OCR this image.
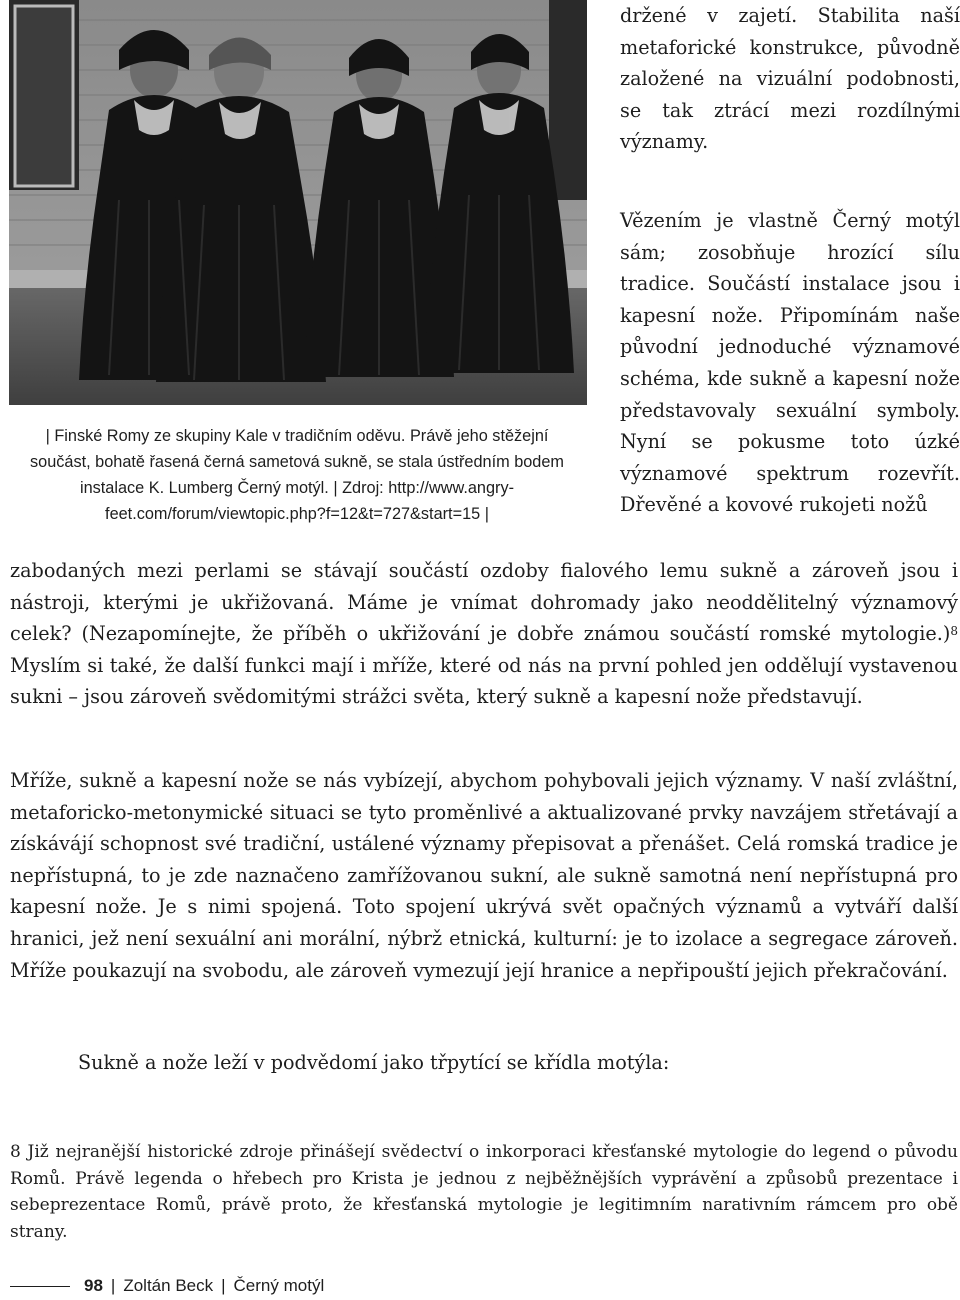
| Finské Romy ze skupiny Kale v tradičním oděvu. Právě jeho stěžejní součást, bohatě řasená černá sametová sukně, se stala ústředním bodem instalace K. Lumberg Černý motýl. | Zdroj: http://www.angry-feet.com/forum/viewtopic.php?f=12&t=727&start=15 |
držené v zajetí. Stabilita naší metaforické konstrukce, původně založené na vizuální podobnosti, se tak ztrácí mezi rozdílnými významy.
Vězením je vlastně Černý motýl sám; zosobňuje hrozící sílu tradice. Součástí instalace jsou i kapesní nože. Připomínám naše původní jednoduché významové schéma, kde sukně a kapesní nože představovaly sexuální symboly. Nyní se pokusme toto úzké významové spektrum rozevřít. Dřevěné a kovové rukojeti nožů
zabodaných mezi perlami se stávají součástí ozdoby fialového lemu sukně a zároveň jsou i nástroji, kterými je ukřižovaná. Máme je vnímat dohromady jako neoddělitelný významový celek? (Nezapomínejte, že příběh o ukřižování je dobře známou součástí romské mytologie.)$^8$ Myslím si také, že další funkci mají i mříže, které od nás na první pohled jen oddělují vystavenou sukni – jsou zároveň svědomitými strážci světa, který sukně a kapesní nože představují.
Mříže, sukně a kapesní nože se nás vybízejí, abychom pohybovali jejich významy. V naší zvláštní, metaforicko-metonymické situaci se tyto proměnlivé a aktualizované prvky navzájem střetávají a získávájí schopnost své tradiční, ustálené významy přepisovat a přenášet. Celá romská tradice je nepřístupná, to je zde naznačeno zamřížovanou sukní, ale sukně samotná není nepřístupná pro kapesní nože. Je s nimi spojená. Toto spojení ukrývá svět opačných významů a vytváří další hranici, jež není sexuální ani morální, nýbrž etnická, kulturní: je to izolace a segregace zároveň. Mříže poukazují na svobodu, ale zároveň vymezují její hranice a nepřipouští jejich překračování.
Sukně a nože leží v podvědomí jako třpytící se křídla motýla:
8 Již nejranější historické zdroje přinášejí svědectví o inkorporaci křesťanské mytologie do legend o původu Romů. Právě legenda o hřebech pro Krista je jednou z nejběžnějších vyprávění a způsobů prezentace i sebeprezentace Romů, právě proto, že křesťanská mytologie je legitimním narativním rámcem pro obě strany.
98 | Zoltán Beck | Černý motýl
